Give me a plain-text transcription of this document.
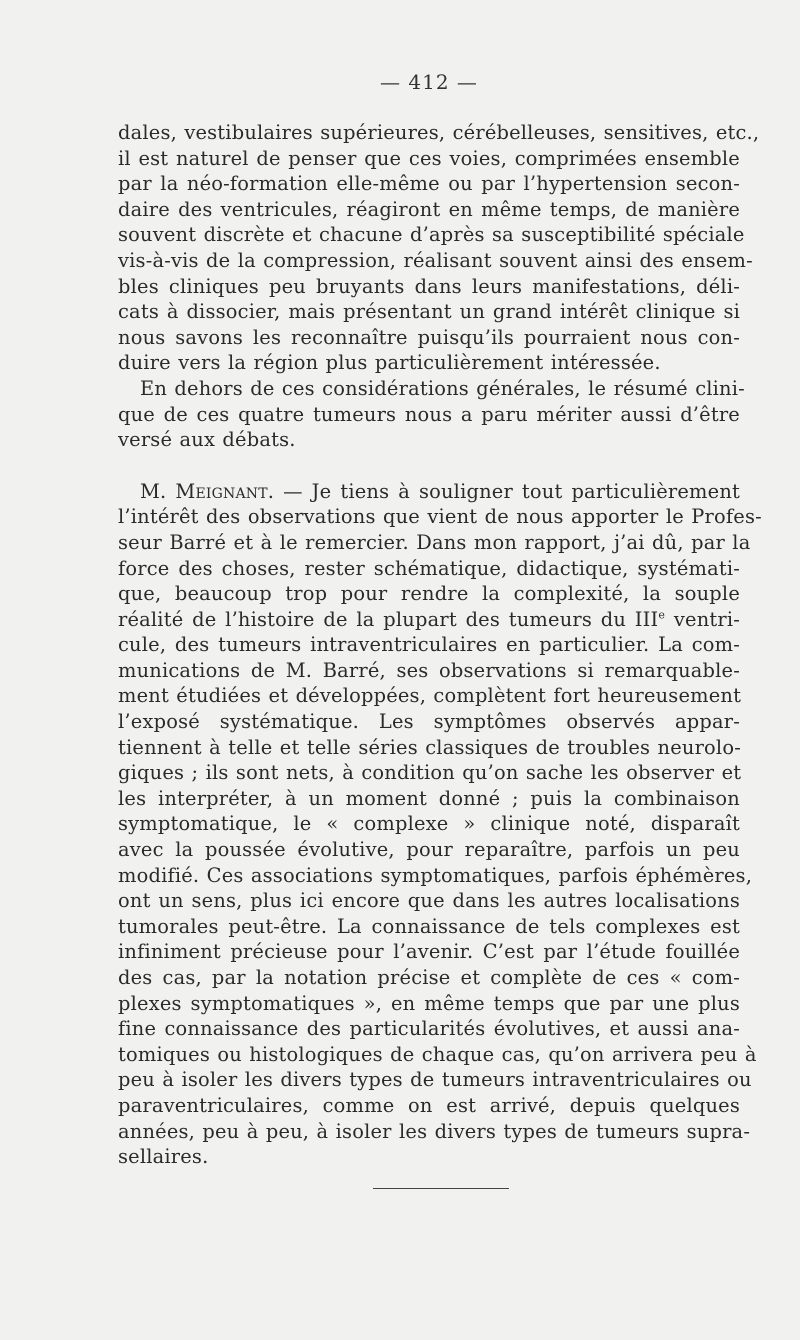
— 412 —
dales, vestibulaires supérieures, cérébelleuses, sensitives, etc.,
il est naturel de penser que ces voies, comprimées ensemble
par la néo-formation elle-même ou par l’hypertension secon-
daire des ventricules, réagiront en même temps, de manière
souvent discrète et chacune d’après sa susceptibilité spéciale
vis-à-vis de la compression, réalisant souvent ainsi des ensem-
bles cliniques peu bruyants dans leurs manifestations, déli-
cats à dissocier, mais présentant un grand intérêt clinique si
nous savons les reconnaître puisqu’ils pourraient nous con-
duire vers la région plus particulièrement intéressée.
En dehors de ces considérations générales, le résumé clini-
que de ces quatre tumeurs nous a paru mériter aussi d’être
versé aux débats.
M. Meignant. — Je tiens à souligner tout particulièrement
l’intérêt des observations que vient de nous apporter le Profes-
seur Barré et à le remercier. Dans mon rapport, j’ai dû, par la
force des choses, rester schématique, didactique, systémati-
que, beaucoup trop pour rendre la complexité, la souple
réalité de l’histoire de la plupart des tumeurs du IIIe ventri-
cule, des tumeurs intraventriculaires en particulier. La com-
munications de M. Barré, ses observations si remarquable-
ment étudiées et développées, complètent fort heureusement
l’exposé systématique. Les symptômes observés appar-
tiennent à telle et telle séries classiques de troubles neurolo-
giques ; ils sont nets, à condition qu’on sache les observer et
les interpréter, à un moment donné ; puis la combinaison
symptomatique, le « complexe » clinique noté, disparaît
avec la poussée évolutive, pour reparaître, parfois un peu
modifié. Ces associations symptomatiques, parfois éphémères,
ont un sens, plus ici encore que dans les autres localisations
tumorales peut-être. La connaissance de tels complexes est
infiniment précieuse pour l’avenir. C’est par l’étude fouillée
des cas, par la notation précise et complète de ces « com-
plexes symptomatiques », en même temps que par une plus
fine connaissance des particularités évolutives, et aussi ana-
tomiques ou histologiques de chaque cas, qu’on arrivera peu à
peu à isoler les divers types de tumeurs intraventriculaires ou
paraventriculaires, comme on est arrivé, depuis quelques
années, peu à peu, à isoler les divers types de tumeurs supra-
sellaires.
